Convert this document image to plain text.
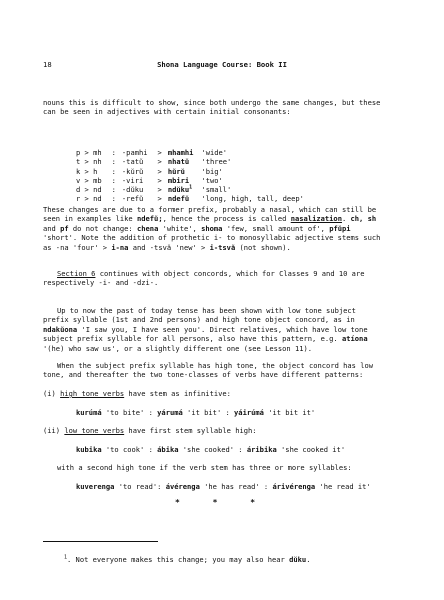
18	Shona Language Course: Book II
nouns this is difficult to show, since both undergo the same changes, but these
can be seen in adjectives with certain initial consonants:
p > mh	:	-pamhi	>	mhamhi	'wide'
t > nh	:	-tatŭ	>	nhatŭ	'three'
k > h	:	-kŭrŭ	>	hŭrŭ	'big'
v > mb	:	-viri	>	mbiri	'two'
d > nd	:	-dŭku	>	ndŭku$^1$	'small'
r > nd	:	-refŭ	>	ndefŭ	'long, high, tall, deep'
These changes are due to a former prefix, probably a nasal, which can still be
seen in examples like ndefŭ;, hence the process is called nasalization. ch, sh
and pf do not change: chena 'white', shoma 'few, small amount of', pfŭpi
'short'. Note the addition of prothetic i- to monosyllabic adjective stems such
as -na 'four' > i-na and -tsvă 'new' > i-tsvă (not shown).
Section 6 continues with object concords, which for Classes 9 and 10 are
respectively -i- and -dzi-.
Up to now the past of today tense has been shown with low tone subject
prefix syllable (1st and 2nd persons) and high tone object concord, as in
ndakŭona 'I saw you, I have seen you'. Direct relatives, which have low tone
subject prefix syllable for all persons, also have this pattern, e.g. atíona
'(he) who saw us', or a slightly different one (see Lesson 11).
When the subject prefix syllable has high tone, the object concord has low
tone, and thereafter the two tone-classes of verbs have different patterns:
(i) high tone verbs have stem as infinitive:
kurúmá 'to bite' : yárumá 'it bit' : yáirúmá 'it bit it'
(ii) low tone verbs have first stem syllable high:
kubika 'to cook' : ábika 'she cooked' : áribika 'she cooked it'
with a second high tone if the verb stem has three or more syllables:
kuverenga 'to read': ávérenga 'he has read' : árivérenga 'he read it'
* * *
$^1$. Not everyone makes this change; you may also hear dŭku.
